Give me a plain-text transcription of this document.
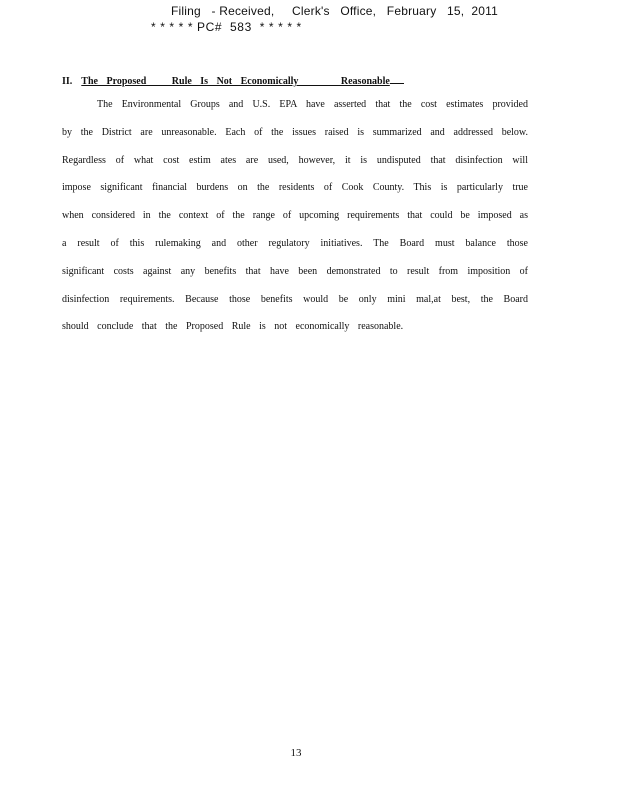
Filing   - Received,     Clerk's   Office,   February   15,  2011
* * * * * PC#  583  * * * * *
II. The Proposed   Rule Is Not Economically     Reasonable
The Environmental Groups and U.S. EPA have asserted that the cost estimates provided
by the District are unreasonable. Each of the issues raised is summarized and addressed below.
Regardless of what cost estim ates are used, however, it is undisputed that disinfection will
impose significant financial burdens on the residents of Cook County. This is particularly true
when considered in the context of the range of upcoming requirements that could be imposed as
a result of this rulemaking and other regulatory initiatives. The Board must balance those
significant costs against any benefits that have been demonstrated to result from imposition of
disinfection requirements. Because those benefits would be only mini mal,at best, the Board
should conclude that the Proposed Rule is not economically reasonable.
13
